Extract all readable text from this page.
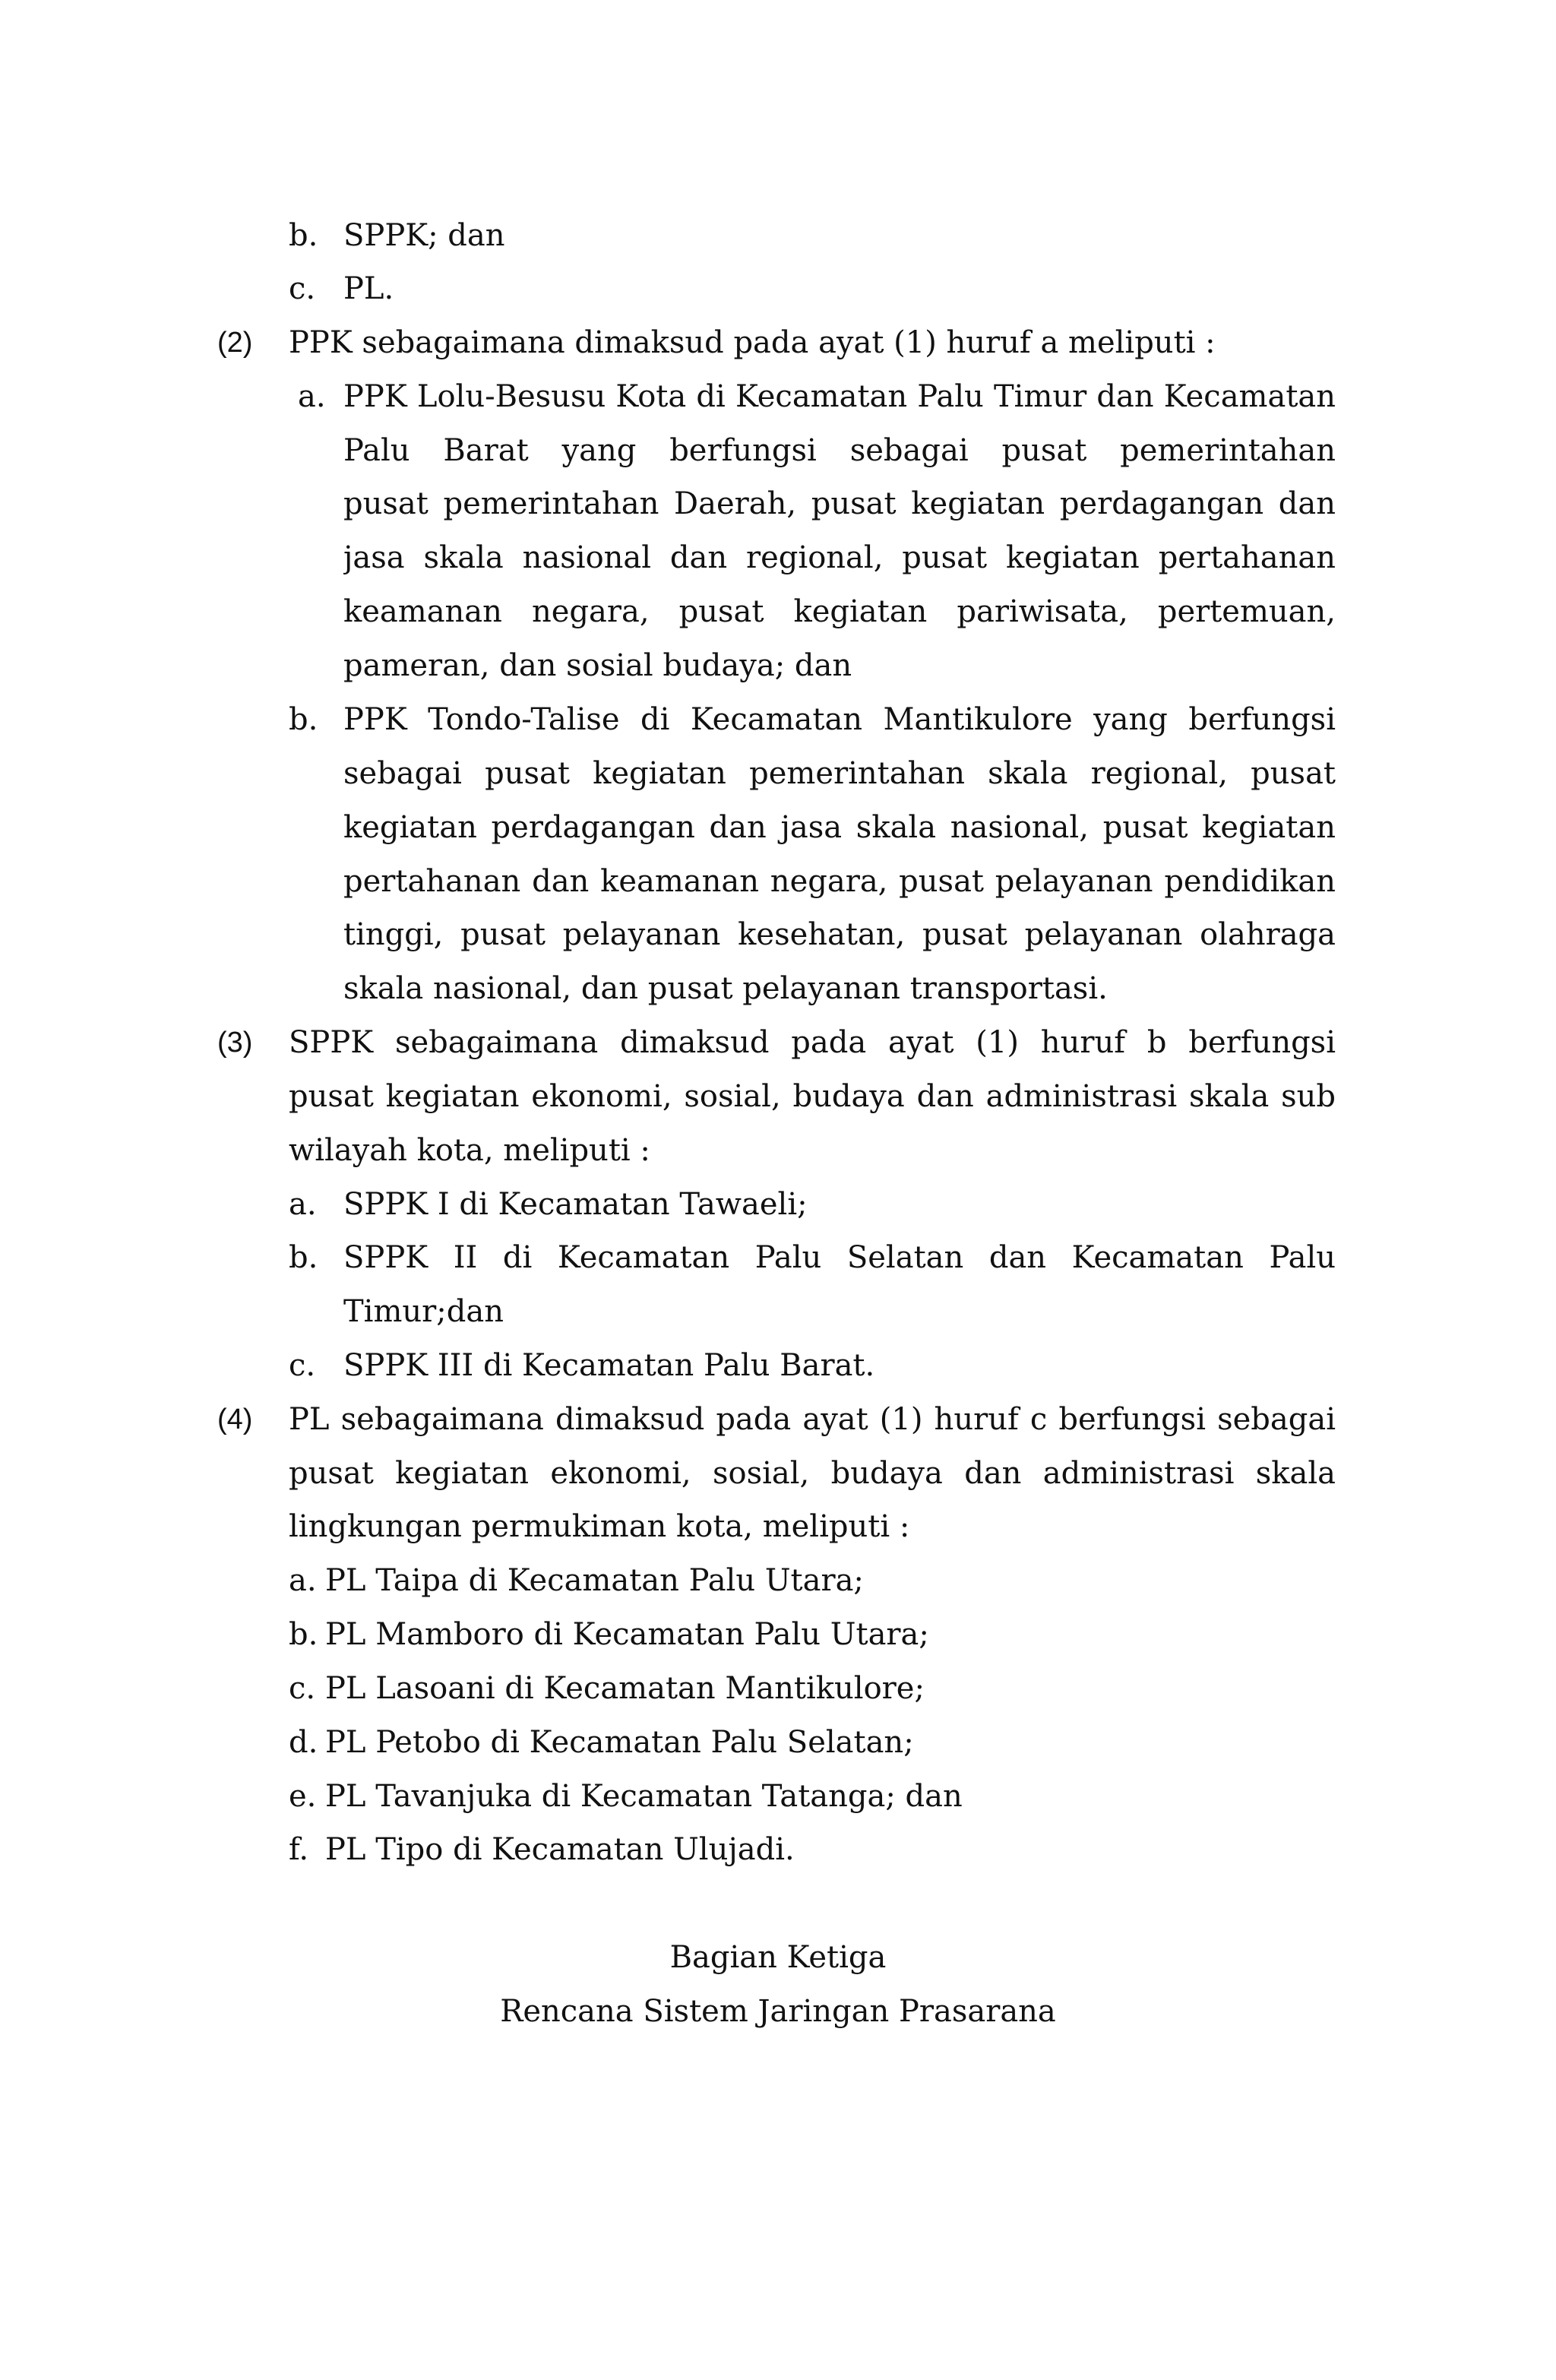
b. SPPK; dan
c. PL.
(2) PPK sebagaimana dimaksud pada ayat (1) huruf a meliputi :
a. PPK Lolu-Besusu Kota di Kecamatan Palu Timur dan Kecamatan
Palu Barat yang berfungsi sebagai pusat pemerintahan
pusat pemerintahan Daerah, pusat kegiatan perdagangan dan
jasa skala nasional dan regional, pusat kegiatan pertahanan
keamanan negara, pusat kegiatan pariwisata, pertemuan,
pameran, dan sosial budaya; dan
b. PPK Tondo-Talise di Kecamatan Mantikulore yang berfungsi
sebagai pusat kegiatan pemerintahan skala regional, pusat
kegiatan perdagangan dan jasa skala nasional, pusat kegiatan
pertahanan dan keamanan negara, pusat pelayanan pendidikan
tinggi, pusat pelayanan kesehatan, pusat pelayanan olahraga
skala nasional, dan pusat pelayanan transportasi.
(3) SPPK sebagaimana dimaksud pada ayat (1) huruf b berfungsi
pusat kegiatan ekonomi, sosial, budaya dan administrasi skala sub
wilayah kota, meliputi :
a. SPPK I di Kecamatan Tawaeli;
b. SPPK II di Kecamatan Palu Selatan dan Kecamatan Palu
Timur;dan
c. SPPK III di Kecamatan Palu Barat.
(4) PL sebagaimana dimaksud pada ayat (1) huruf c berfungsi sebagai
pusat kegiatan ekonomi, sosial, budaya dan administrasi skala
lingkungan permukiman kota, meliputi :
a. PL Taipa di Kecamatan Palu Utara;
b. PL Mamboro di Kecamatan Palu Utara;
c. PL Lasoani di Kecamatan Mantikulore;
d. PL Petobo di Kecamatan Palu Selatan;
e. PL Tavanjuka di Kecamatan Tatanga; dan
f. PL Tipo di Kecamatan Ulujadi.
Bagian Ketiga
Rencana Sistem Jaringan Prasarana
